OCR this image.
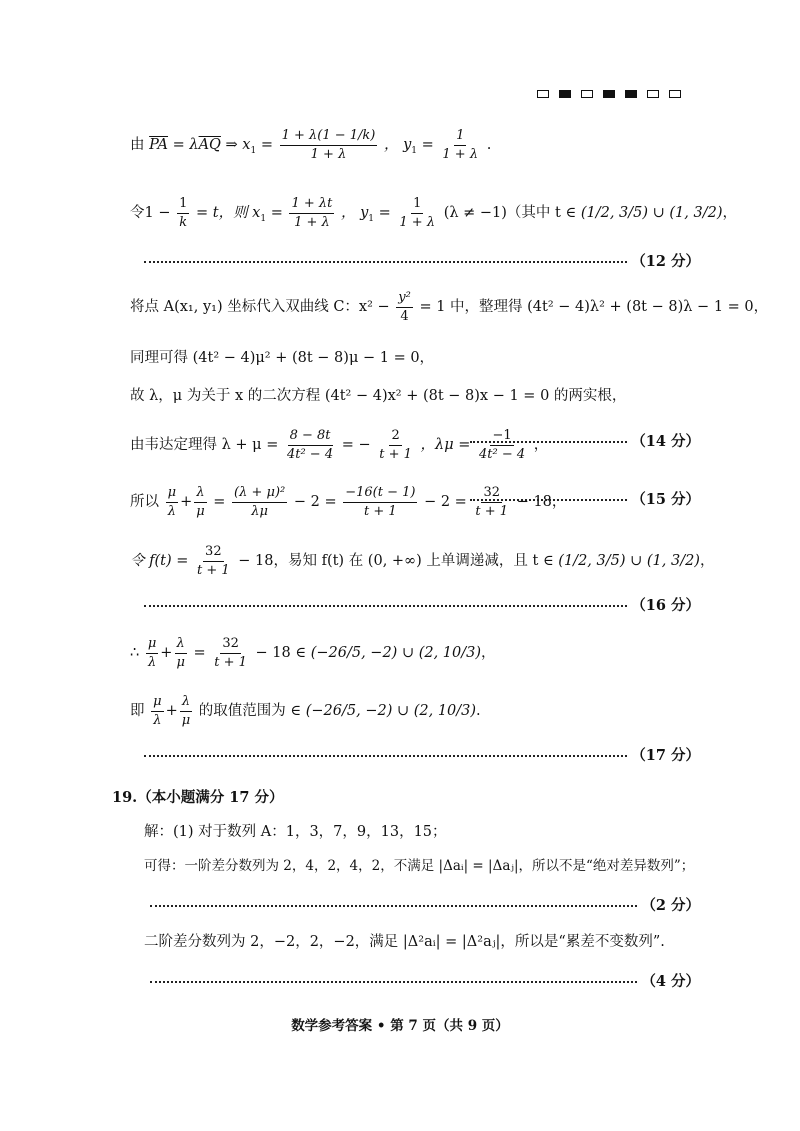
由 $\overline{PA} = \lambda\overline{AQ}$ ⇒ $x_1 = \frac{1 + \lambda(1 - 1/k)}{1 + \lambda}$ ， $y_1 = \frac{1}{1 + \lambda}$ .
令$1 - \frac{1}{k} = t$，则 $x_1 = \frac{1 + \lambda t}{1 + \lambda}$ ， $y_1 = \frac{1}{1 + \lambda} (\lambda \ne -1)$（其中 t ∈ (1/2, 3/5) ∪ (1, 3/2)，
（12 分）
将点 A(x₁, y₁) 坐标代入双曲线 C：$x^2 - \frac{\text{y²}}{4} = 1$ 中，整理得 (4t² − 4)λ² + (8t − 8)λ − 1 = 0，
同理可得 (4t² − 4)μ² + (8t − 8)μ − 1 = 0，
故 λ，μ 为关于 x 的二次方程 (4t² − 4)x² + (8t − 8)x − 1 = 0 的两实根，
由韦达定理得 $\lambda + \mu = \frac{8 - 8t}{\text{4t² − 4}}$ = − $\frac{2}{t + 1}$ ，$\lambda\mu = \frac{-1}{\text{4t² − 4}}$ ，	（14 分）
所以 $\frac{\mu}{\lambda} + \frac{\lambda}{\mu} = \frac{\text{(λ + μ)²}}{\lambda\mu} - 2 = \frac{-16(t - 1)}{t + 1} - 2 = \frac{32}{t + 1} - 18$，	（15 分）
令 $f(t) = \frac{32}{t + 1} - 18$，易知 f(t) 在 (0, +∞) 上单调递减，且 t ∈ (1/2, 3/5) ∪ (1, 3/2)，
（16 分）
∴ $\frac{\mu}{\lambda} + \frac{\lambda}{\mu} = \frac{32}{t + 1} - 18$ ∈ (−26/5, −2) ∪ (2, 10/3)，
即 $\frac{\mu}{\lambda} + \frac{\lambda}{\mu}$ 的取值范围为 ∈ (−26/5, −2) ∪ (2, 10/3).
（17 分）
19.（本小题满分 17 分）
解：(1) 对于数列 A：1，3，7，9，13，15；
可得：一阶差分数列为 2，4，2，4，2，不满足 |Δaᵢ| = |Δaⱼ|，所以不是“绝对差异数列”；
（2 分）
二阶差分数列为 2，−2，2，−2，满足 |Δ²aᵢ| = |Δ²aⱼ|，所以是“累差不变数列”.
（4 分）
数学参考答案 • 第 7 页（共 9 页）
